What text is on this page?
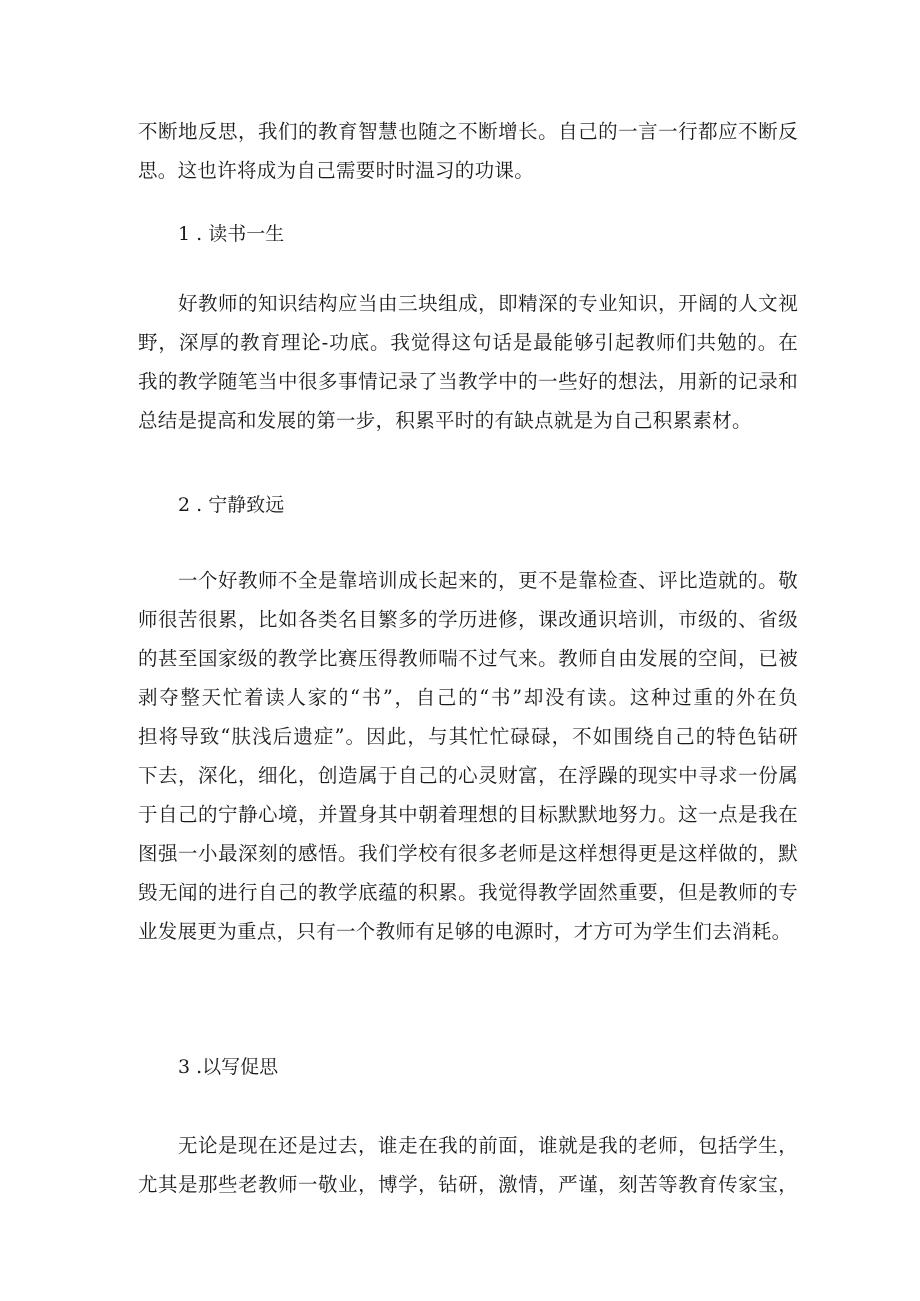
不断地反思，我们的教育智慧也随之不断增长。自己的一言一行都应不断反
思。这也许将成为自己需要时时温习的功课。
1 . 读书一生
好教师的知识结构应当由三块组成，即精深的专业知识，开阔的人文视
野，深厚的教育理论-功底。我觉得这句话是最能够引起教师们共勉的。在
我的教学随笔当中很多事情记录了当教学中的一些好的想法，用新的记录和
总结是提高和发展的第一步，积累平时的有缺点就是为自己积累素材。
2 . 宁静致远
一个好教师不全是靠培训成长起来的，更不是靠检查、评比造就的。敬
师很苦很累，比如各类名目繁多的学历进修，课改通识培训，市级的、省级
的甚至国家级的教学比赛压得教师喘不过气来。教师自由发展的空间，已被
剥夺整天忙着读人家的“书”，自己的“书”却没有读。这种过重的外在负
担将导致“肤浅后遗症”。因此，与其忙忙碌碌，不如围绕自己的特色钻研
下去，深化，细化，创造属于自己的心灵财富，在浮躁的现实中寻求一份属
于自己的宁静心境，并置身其中朝着理想的目标默默地努力。这一点是我在
图强一小最深刻的感悟。我们学校有很多老师是这样想得更是这样做的，默
毁无闻的进行自己的教学底蕴的积累。我觉得教学固然重要，但是教师的专
业发展更为重点，只有一个教师有足够的电源时，才方可为学生们去消耗。
3 .以写促思
无论是现在还是过去，谁走在我的前面，谁就是我的老师，包括学生，
尤其是那些老教师一敬业，博学，钻研，激情，严谨，刻苦等教育传家宝，
